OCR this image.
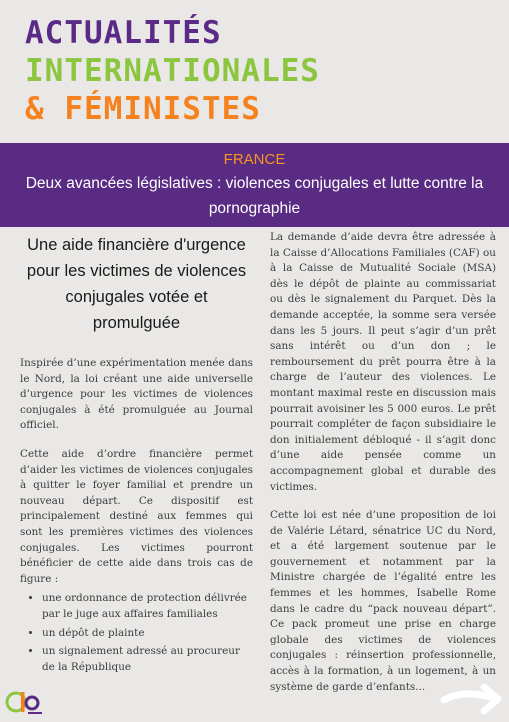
ACTUALITÉS
INTERNATIONALES
& FÉMINISTES
FRANCE
Deux avancées législatives : violences conjugales et lutte contre la pornographie
Une aide financière d'urgence pour les victimes de violences conjugales votée et promulguée

Inspirée d’une expérimentation menée dans le Nord, la loi créant une aide universelle d’urgence pour les victimes de violences conjugales à été promulguée au Journal officiel.

Cette aide d’ordre financière permet d’aider les victimes de violences conjugales à quitter le foyer familial et prendre un nouveau départ. Ce dispositif est principalement destiné aux femmes qui sont les premières victimes des violences conjugales. Les victimes pourront bénéficier de cette aide dans trois cas de figure :

• une ordonnance de protection délivrée par le juge aux affaires familiales
• un dépôt de plainte
• un signalement adressé au procureur de la République

La demande d’aide devra être adressée à la Caisse d’Allocations Familiales (CAF) ou à la Caisse de Mutualité Sociale (MSA) dès le dépôt de plainte au commissariat ou dès le signalement du Parquet. Dès la demande acceptée, la somme sera versée dans les 5 jours. Il peut s’agir d’un prêt sans intérêt ou d’un don ; le remboursement du prêt pourra être à la charge de l’auteur des violences. Le montant maximal reste en discussion mais pourrait avoisiner les 5 000 euros. Le prêt pourrait compléter de façon subsidiaire le don initialement débloqué - il s’agit donc d’une aide pensée comme un accompagnement global et durable des victimes.

Cette loi est née d’une proposition de loi de Valérie Létard, sénatrice UC du Nord, et a été largement soutenue par le gouvernement et notamment par la Ministre chargée de l’égalité entre les femmes et les hommes, Isabelle Rome dans le cadre du “pack nouveau départ”. Ce pack promeut une prise en charge globale des victimes de violences conjugales : réinsertion professionnelle, accès à la formation, à un logement, à un système de garde d’enfants...
